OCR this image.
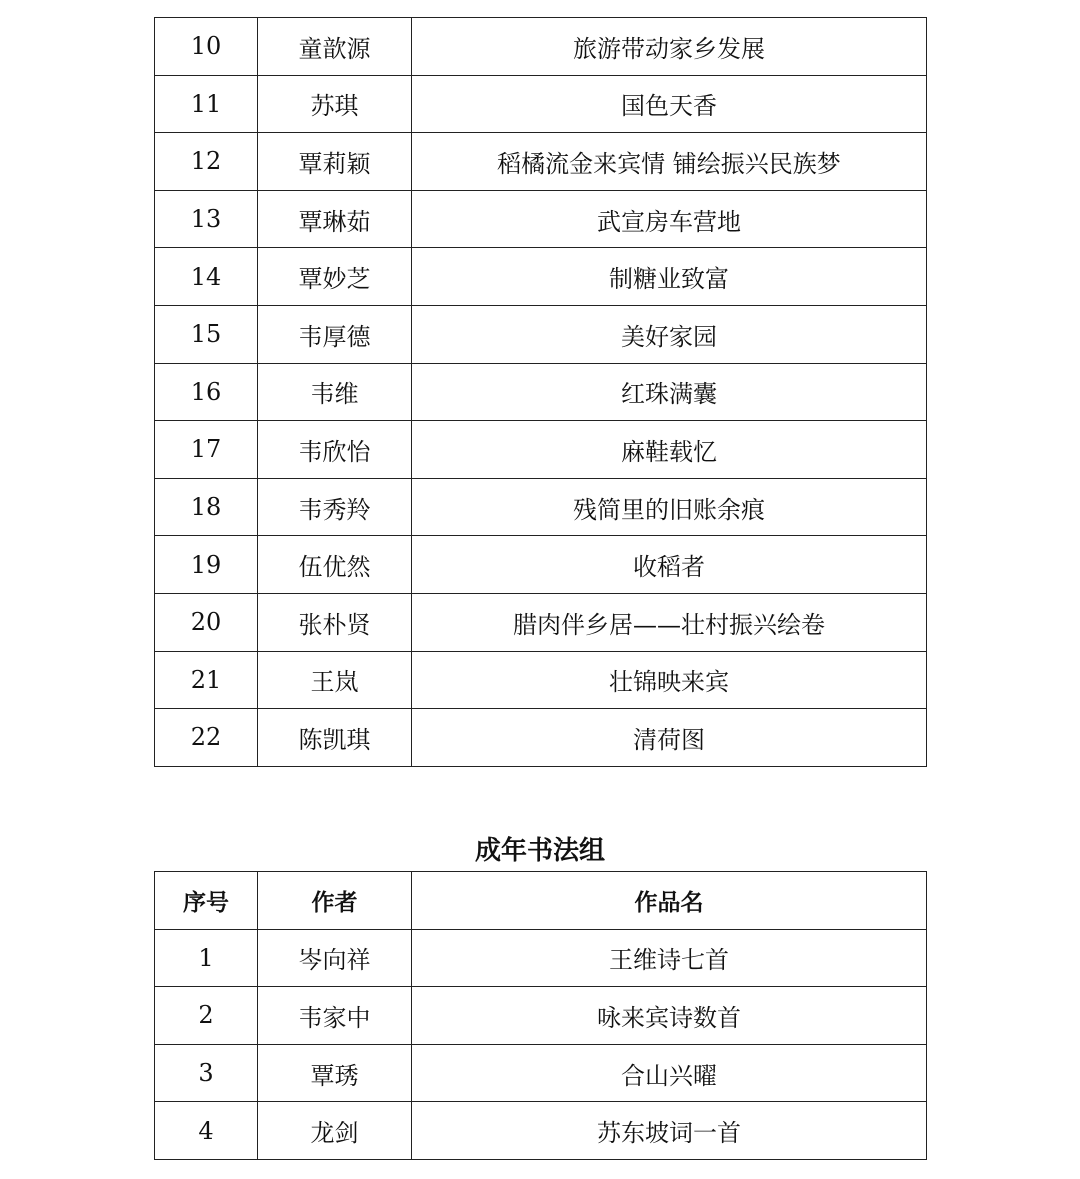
10	童歆源	旅游带动家乡发展
11	苏琪	国色天香
12	覃莉颖	稻橘流金来宾情 铺绘振兴民族梦
13	覃琳茹	武宣房车营地
14	覃妙芝	制糖业致富
15	韦厚德	美好家园
16	韦维	红珠满囊
17	韦欣怡	麻鞋载忆
18	韦秀羚	残简里的旧账余痕
19	伍优然	收稻者
20	张朴贤	腊肉伴乡居——壮村振兴绘卷
21	王岚	壮锦映来宾
22	陈凯琪	清荷图
成年书法组
序号	作者	作品名
1	岑向祥	王维诗七首
2	韦家中	咏来宾诗数首
3	覃琇	合山兴曜
4	龙剑	苏东坡词一首
